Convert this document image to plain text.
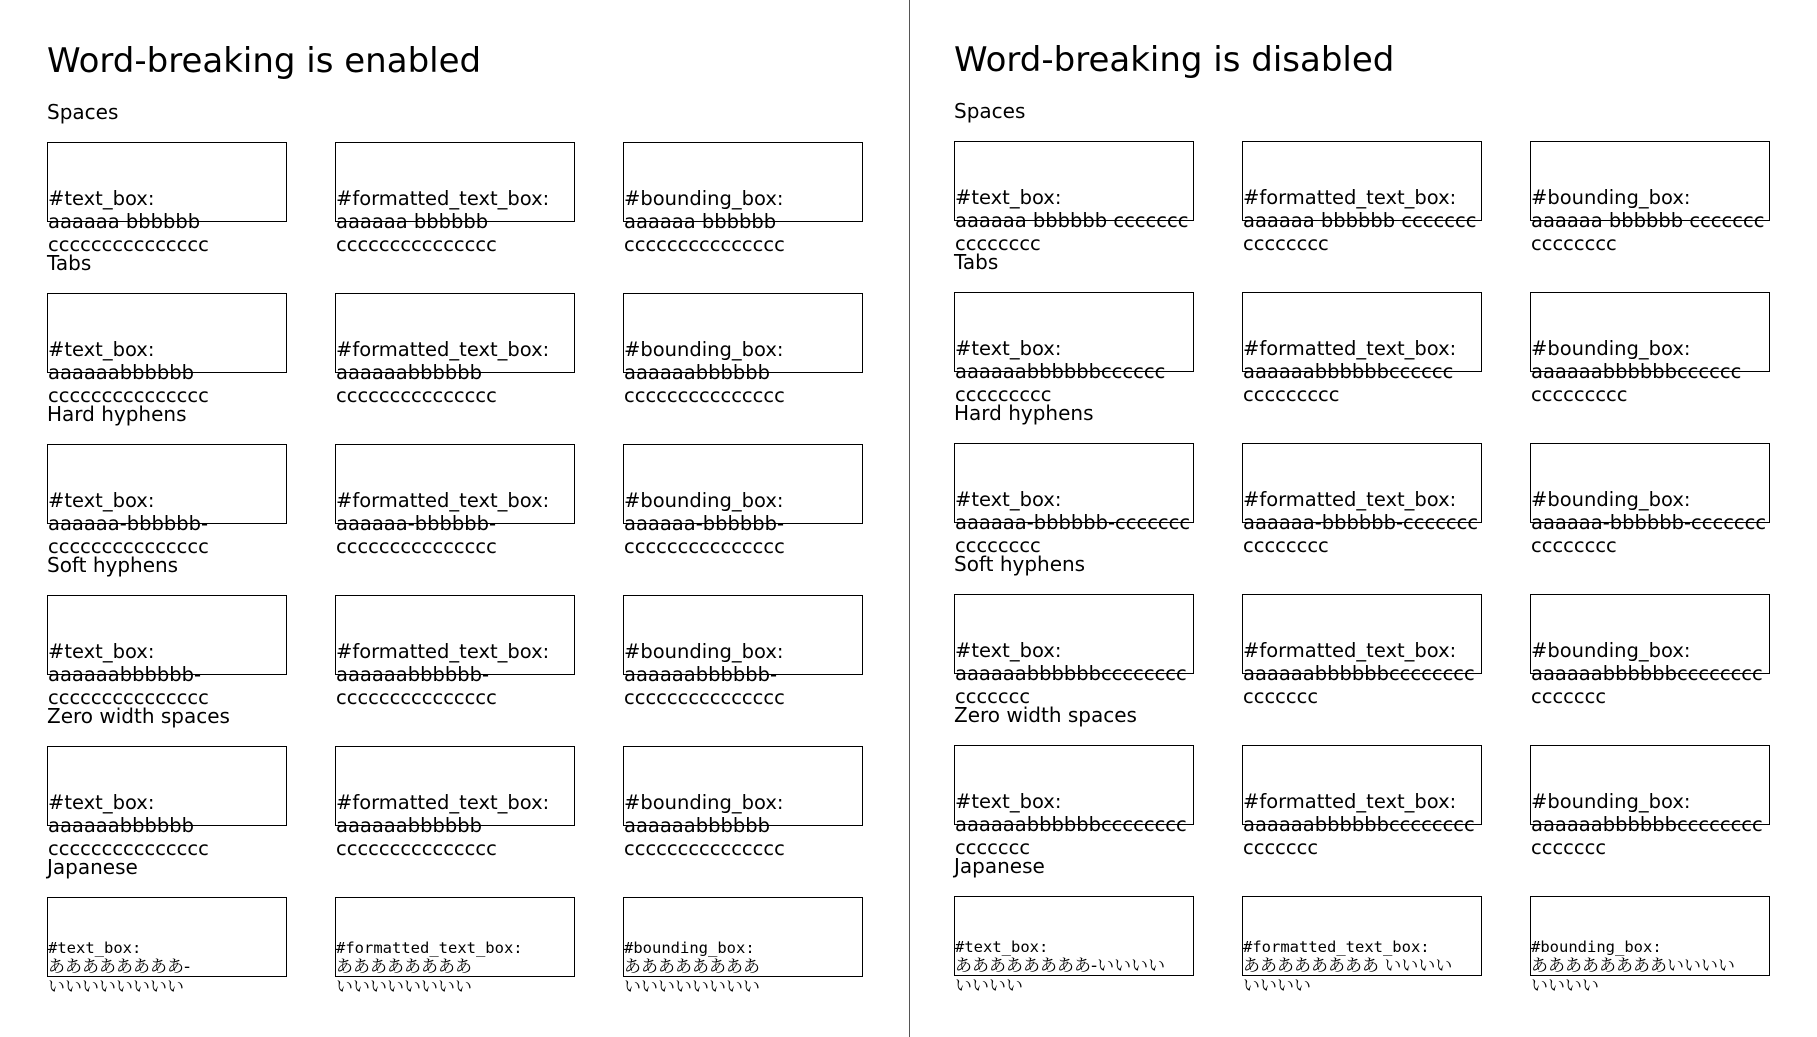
Word-breaking is enabled
Spaces

#text_box:
aaaaaa bbbbbb
ccccccccccccccc

#formatted_text_box:
aaaaaa bbbbbb
ccccccccccccccc

#bounding_box:
aaaaaa bbbbbb
ccccccccccccccc

Tabs

#text_box:
aaaaaabbbbbb
ccccccccccccccc

#formatted_text_box:
aaaaaabbbbbb
ccccccccccccccc

#bounding_box:
aaaaaabbbbbb
ccccccccccccccc

Hard hyphens

#text_box:
aaaaaa-bbbbbb-
ccccccccccccccc

#formatted_text_box:
aaaaaa-bbbbbb-
ccccccccccccccc

#bounding_box:
aaaaaa-bbbbbb-
ccccccccccccccc

Soft hyphens

#text_box:
aaaaaabbbbbb-
ccccccccccccccc

#formatted_text_box:
aaaaaabbbbbb-
ccccccccccccccc

#bounding_box:
aaaaaabbbbbb-
ccccccccccccccc

Zero width spaces

#text_box:
aaaaaabbbbbb
ccccccccccccccc

#formatted_text_box:
aaaaaabbbbbb
ccccccccccccccc

#bounding_box:
aaaaaabbbbbb
ccccccccccccccc

Japanese

#text_box:
ああああああああ-
いいいいいいいい

#formatted_text_box:
ああああああああ
いいいいいいいい

#bounding_box:
ああああああああ
いいいいいいいい

Word-breaking is disabled
Spaces

#text_box:
aaaaaa bbbbbb ccccccc
cccccccc

#formatted_text_box:
aaaaaa bbbbbb ccccccc
cccccccc

#bounding_box:
aaaaaa bbbbbb ccccccc
cccccccc

Tabs

#text_box:
aaaaaabbbbbbcccccc
ccccccccc

#formatted_text_box:
aaaaaabbbbbbcccccc
ccccccccc

#bounding_box:
aaaaaabbbbbbcccccc
ccccccccc

Hard hyphens

#text_box:
aaaaaa-bbbbbb-ccccccc
cccccccc

#formatted_text_box:
aaaaaa-bbbbbb-ccccccc
cccccccc

#bounding_box:
aaaaaa-bbbbbb-ccccccc
cccccccc

Soft hyphens

#text_box:
aaaaaabbbbbbcccccccc
ccccccc

#formatted_text_box:
aaaaaabbbbbbcccccccc
ccccccc

#bounding_box:
aaaaaabbbbbbcccccccc
ccccccc

Zero width spaces

#text_box:
aaaaaabbbbbbcccccccc
ccccccc

#formatted_text_box:
aaaaaabbbbbbcccccccc
ccccccc

#bounding_box:
aaaaaabbbbbbcccccccc
ccccccc

Japanese

#text_box:
ああああああああ-いいいい
いいいい

#formatted_text_box:
ああああああああ いいいい
いいいい

#bounding_box:
ああああああああいいいい
いいいい
